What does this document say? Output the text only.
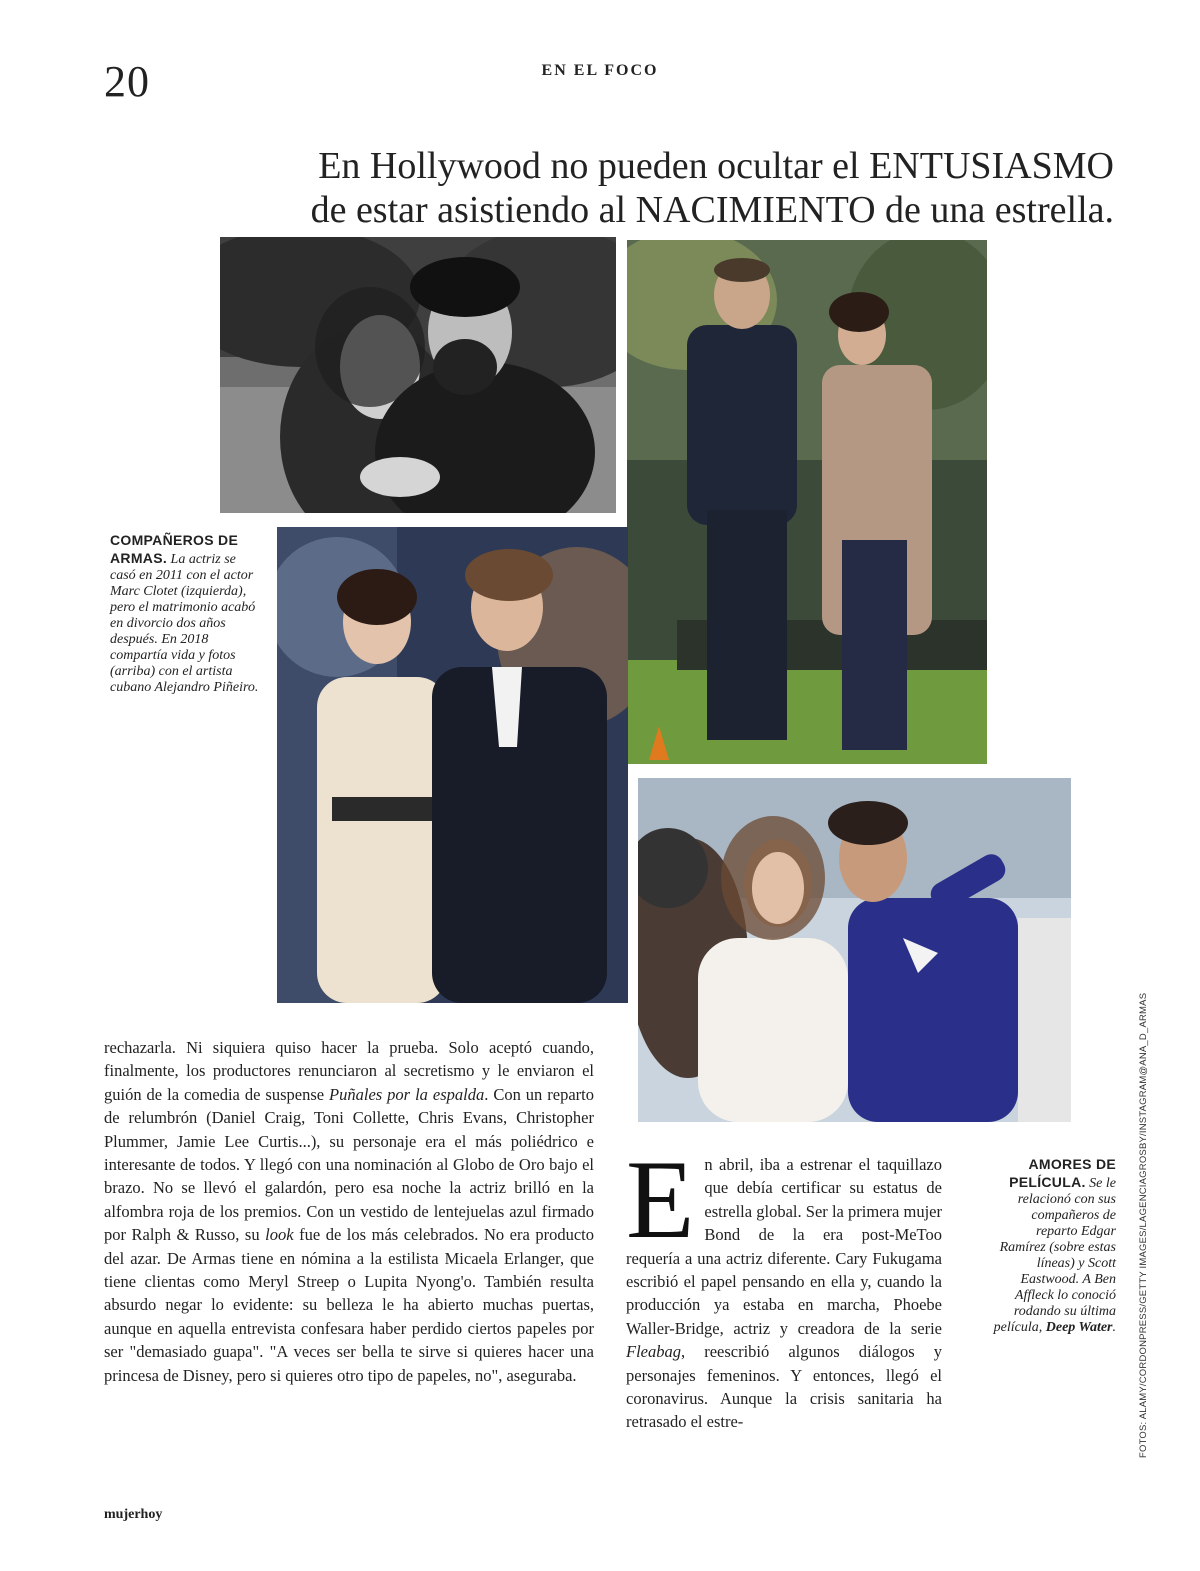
20	EN EL FOCO
En Hollywood no pueden ocultar el ENTUSIASMO
de estar asistiendo al NACIMIENTO de una estrella.
COMPAÑEROS DE ARMAS. La actriz se casó en 2011 con el actor Marc Clotet (izquierda), pero el matrimonio acabó en divorcio dos años después. En 2018 compartía vida y fotos (arriba) con el artista cubano Alejandro Piñeiro.
AMORES DE PELÍCULA. Se le relacionó con sus compañeros de reparto Edgar Ramírez (sobre estas líneas) y Scott Eastwood. A Ben Affleck lo conoció rodando su última película, Deep Water.
rechazarla. Ni siquiera quiso hacer la prueba. Solo aceptó cuando, finalmente, los productores renunciaron al secretismo y le enviaron el guión de la comedia de suspense Puñales por la espalda. Con un reparto de relumbrón (Daniel Craig, Toni Collette, Chris Evans, Christopher Plummer, Jamie Lee Curtis...), su personaje era el más poliédrico e interesante de todos. Y llegó con una nominación al Globo de Oro bajo el brazo. No se llevó el galardón, pero esa noche la actriz brilló en la alfombra roja de los premios. Con un vestido de lentejuelas azul firmado por Ralph & Russo, su look fue de los más celebrados. No era producto del azar. De Armas tiene en nómina a la estilista Micaela Erlanger, que tiene clientas como Meryl Streep o Lupita Nyong'o. También resulta absurdo negar lo evidente: su belleza le ha abierto muchas puertas, aunque en aquella entrevista confesara haber perdido ciertos papeles por ser "demasiado guapa". "A veces ser bella te sirve si quieres hacer una princesa de Disney, pero si quieres otro tipo de papeles, no", aseguraba.
En abril, iba a estrenar el taquillazo que debía certificar su estatus de estrella global. Ser la primera mujer Bond de la era post-MeToo requería a una actriz diferente. Cary Fukugama escribió el papel pensando en ella y, cuando la producción ya estaba en marcha, Phoebe Waller-Bridge, actriz y creadora de la serie Fleabag, reescribió algunos diálogos y personajes femeninos. Y entonces, llegó el coronavirus. Aunque la crisis sanitaria ha retrasado el estre-	FOTOS: ALAMY/CORDONPRESS/GETTY IMAGES/LAGENCIAGROSBY/INSTAGRAM@ANA_D_ARMAS
mujerhoy
